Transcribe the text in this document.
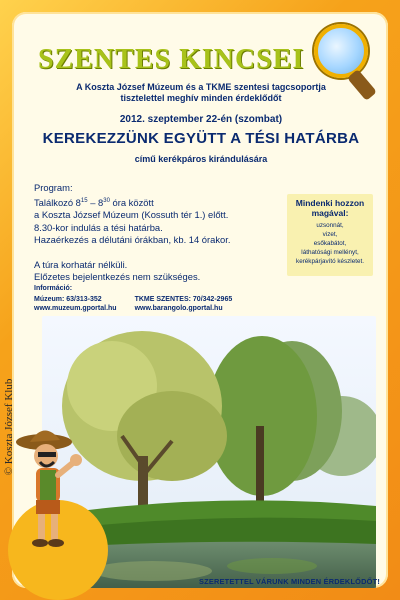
SZENTES KINCSEI
A Koszta József Múzeum és a TKME szentesi tagcsoportja
tisztelettel meghív minden érdeklődőt
2012. szeptember 22-én (szombat)
KEREKEZZÜNK EGYÜTT A TÉSI HATÁRBA
című kerékpáros kirándulására
Program:
Találkozó $8^{15} - 8^{30}$ óra között
a Koszta József Múzeum (Kossuth tér 1.) előtt.
8.30-kor indulás a tési határba.
Hazaérkezés a délutáni órákban, kb. 14 órakor.
A túra korhatár nélküli.
Előzetes bejelentkezés nem szükséges.
Információ:
Múzeum: 63/313-352
www.muzeum.gportal.hu
TKME SZENTES: 70/342-2965
www.barangolo.gportal.hu
Mindenki hozzon
magával:
uzsonnát,
vizet,
esőkabátot,
láthatósági mellényt,
kerékpárjavító készletet.
© Koszta József Klub
SZERETETTEL VÁRUNK MINDEN ÉRDEKLŐDŐT!
